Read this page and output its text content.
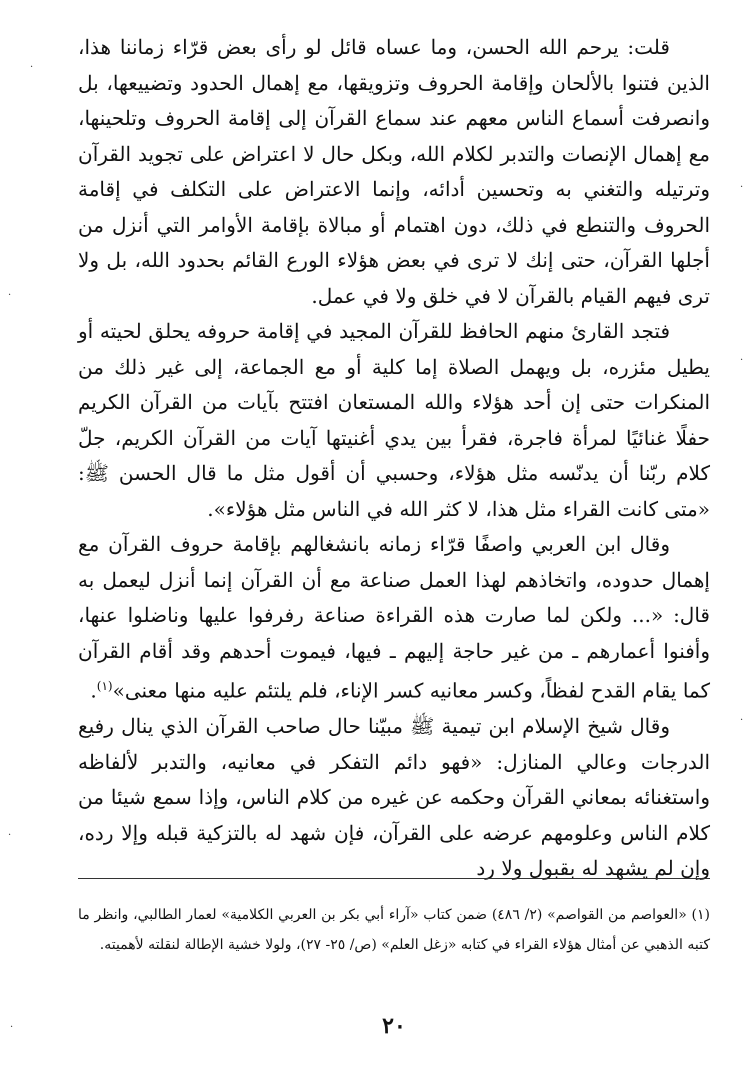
قلت: يرحم الله الحسن، وما عساه قائل لو رأى بعض قرّاء زماننا هذا، الذين فتنوا بالألحان وإقامة الحروف وتزويقها، مع إهمال الحدود وتضييعها، بل وانصرفت أسماع الناس معهم عند سماع القرآن إلى إقامة الحروف وتلحينها، مع إهمال الإنصات والتدبر لكلام الله، وبكل حال لا اعتراض على تجويد القرآن وترتيله والتغني به وتحسين أدائه، وإنما الاعتراض على التكلف في إقامة الحروف والتنطع في ذلك، دون اهتمام أو مبالاة بإقامة الأوامر التي أنزل من أجلها القرآن، حتى إنك لا ترى في بعض هؤلاء الورع القائم بحدود الله، بل ولا ترى فيهم القيام بالقرآن لا في خلق ولا في عمل.

فتجد القارئ منهم الحافظ للقرآن المجيد في إقامة حروفه يحلق لحيته أو يطيل مئزره، بل ويهمل الصلاة إما كلية أو مع الجماعة، إلى غير ذلك من المنكرات حتى إن أحد هؤلاء والله المستعان افتتح بآيات من القرآن الكريم حفلًا غنائيًا لمرأة فاجرة، فقرأ بين يدي أغنيتها آيات من القرآن الكريم، جلّ كلام ربّنا أن يدنّسه مثل هؤلاء، وحسبي أن أقول مثل ما قال الحسن ﷺ: «متى كانت القراء مثل هذا، لا كثر الله في الناس مثل هؤلاء».

وقال ابن العربي واصفًا قرّاء زمانه بانشغالهم بإقامة حروف القرآن مع إهمال حدوده، واتخاذهم لهذا العمل صناعة مع أن القرآن إنما أنزل ليعمل به قال: «... ولكن لما صارت هذه القراءة صناعة رفرفوا عليها وناضلوا عنها، وأفنوا أعمارهم ـ من غير حاجة إليهم ـ فيها، فيموت أحدهم وقد أقام القرآن كما يقام القدح لفظاً، وكسر معانيه كسر الإناء، فلم يلتئم عليه منها معنى»$^{(١)}$.

وقال شيخ الإسلام ابن تيمية ﷺ مبيّنا حال صاحب القرآن الذي ينال رفيع الدرجات وعالي المنازل: «فهو دائم التفكر في معانيه، والتدبر لألفاظه واستغنائه بمعاني القرآن وحكمه عن غيره من كلام الناس، وإذا سمع شيئا من كلام الناس وعلومهم عرضه على القرآن، فإن شهد له بالتزكية قبله وإلا رده، وإن لم يشهد له بقبول ولا رد

(١) «العواصم من القواصم» (٢/ ٤٨٦) ضمن كتاب «آراء أبي بكر بن العربي الكلامية» لعمار الطالبي، وانظر ما كتبه الذهبي عن أمثال هؤلاء القراء في كتابه «زغل العلم» (ص/ ٢٥- ٢٧)، ولولا خشية الإطالة لنقلته لأهميته.
٢٠
·
·
·
·
·
·
·
